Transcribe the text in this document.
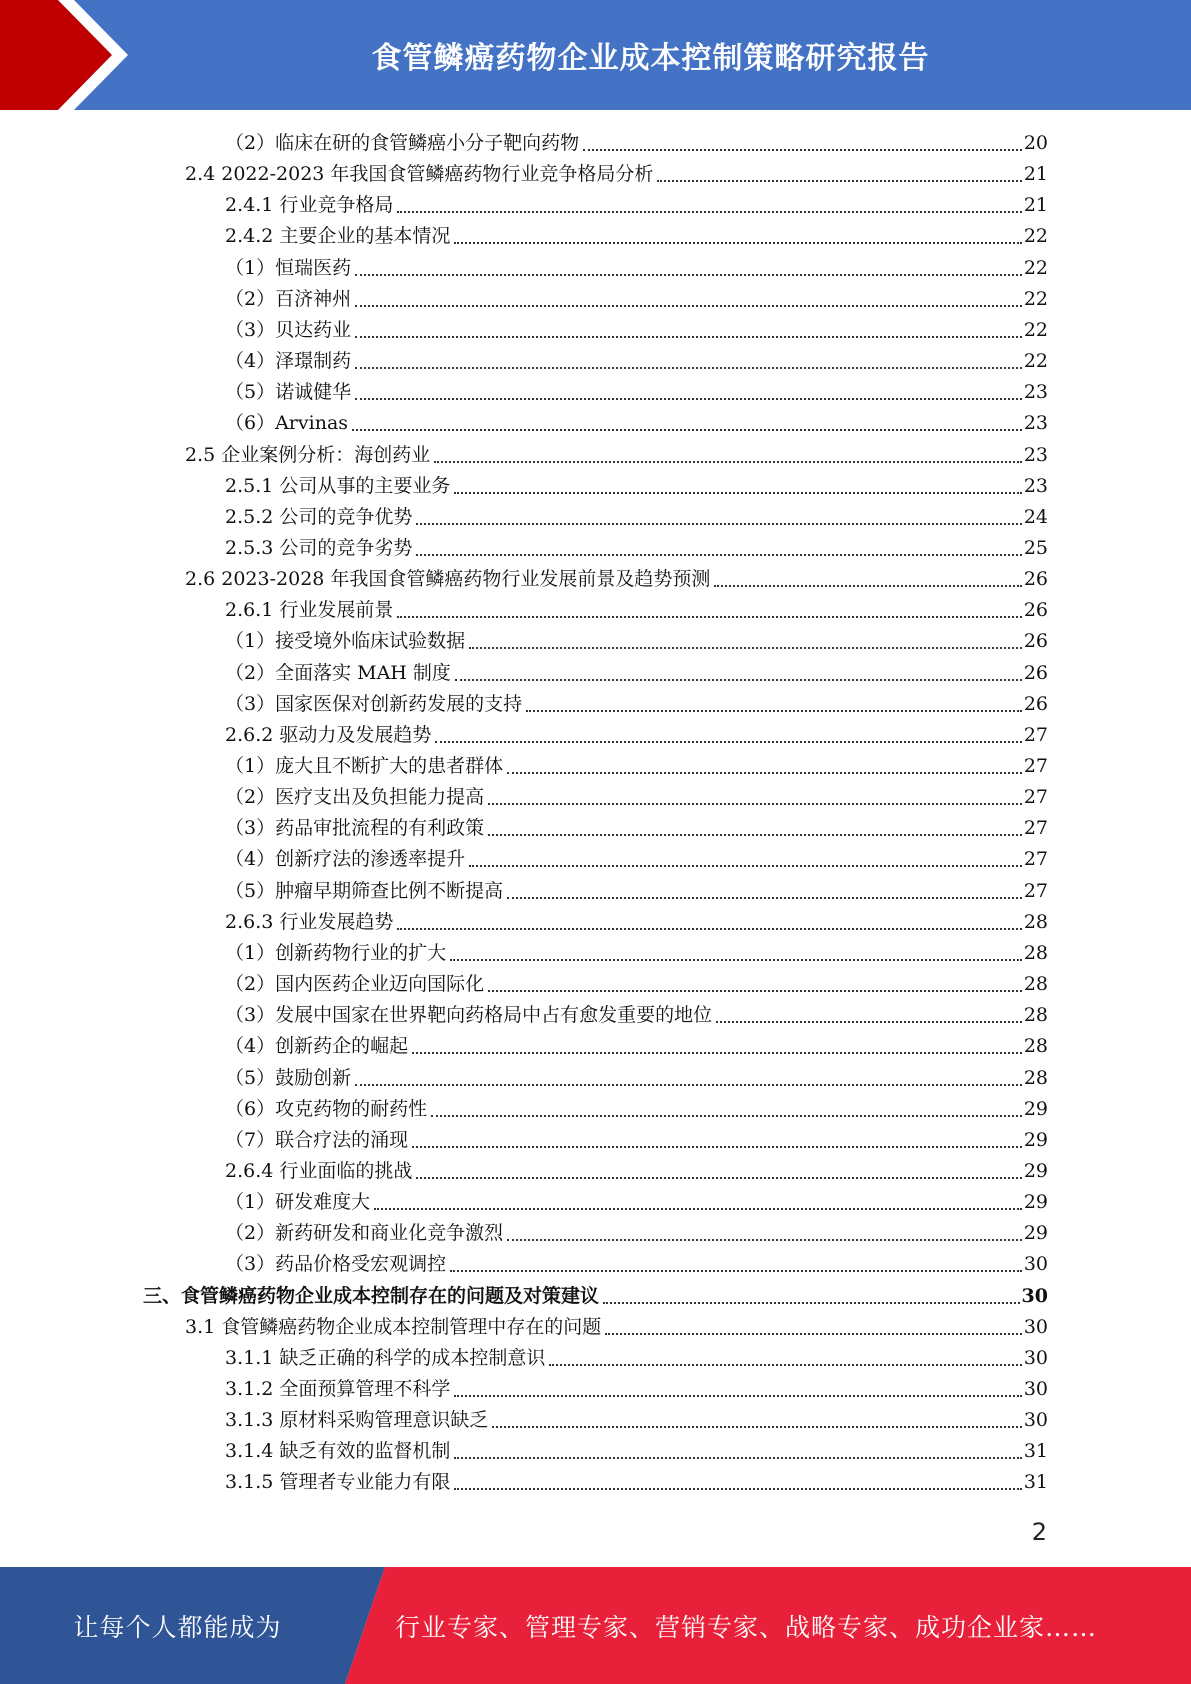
食管鳞癌药物企业成本控制策略研究报告
（2）临床在研的食管鳞癌小分子靶向药物	20
2.4 2022-2023 年我国食管鳞癌药物行业竞争格局分析	21
2.4.1 行业竞争格局	21
2.4.2 主要企业的基本情况	22
（1）恒瑞医药	22
（2）百济神州	22
（3）贝达药业	22
（4）泽璟制药	22
（5）诺诚健华	23
（6）Arvinas	23
2.5 企业案例分析：海创药业	23
2.5.1 公司从事的主要业务	23
2.5.2 公司的竞争优势	24
2.5.3 公司的竞争劣势	25
2.6 2023-2028 年我国食管鳞癌药物行业发展前景及趋势预测	26
2.6.1 行业发展前景	26
（1）接受境外临床试验数据	26
（2）全面落实 MAH 制度	26
（3）国家医保对创新药发展的支持	26
2.6.2 驱动力及发展趋势	27
（1）庞大且不断扩大的患者群体	27
（2）医疗支出及负担能力提高	27
（3）药品审批流程的有利政策	27
（4）创新疗法的渗透率提升	27
（5）肿瘤早期筛查比例不断提高	27
2.6.3 行业发展趋势	28
（1）创新药物行业的扩大	28
（2）国内医药企业迈向国际化	28
（3）发展中国家在世界靶向药格局中占有愈发重要的地位	28
（4）创新药企的崛起	28
（5）鼓励创新	28
（6）攻克药物的耐药性	29
（7）联合疗法的涌现	29
2.6.4 行业面临的挑战	29
（1）研发难度大	29
（2）新药研发和商业化竞争激烈	29
（3）药品价格受宏观调控	30
三、食管鳞癌药物企业成本控制存在的问题及对策建议	30
3.1 食管鳞癌药物企业成本控制管理中存在的问题	30
3.1.1 缺乏正确的科学的成本控制意识	30
3.1.2 全面预算管理不科学	30
3.1.3 原材料采购管理意识缺乏	30
3.1.4 缺乏有效的监督机制	31
3.1.5 管理者专业能力有限	31
2
让每个人都能成为	行业专家、管理专家、营销专家、战略专家、成功企业家……
